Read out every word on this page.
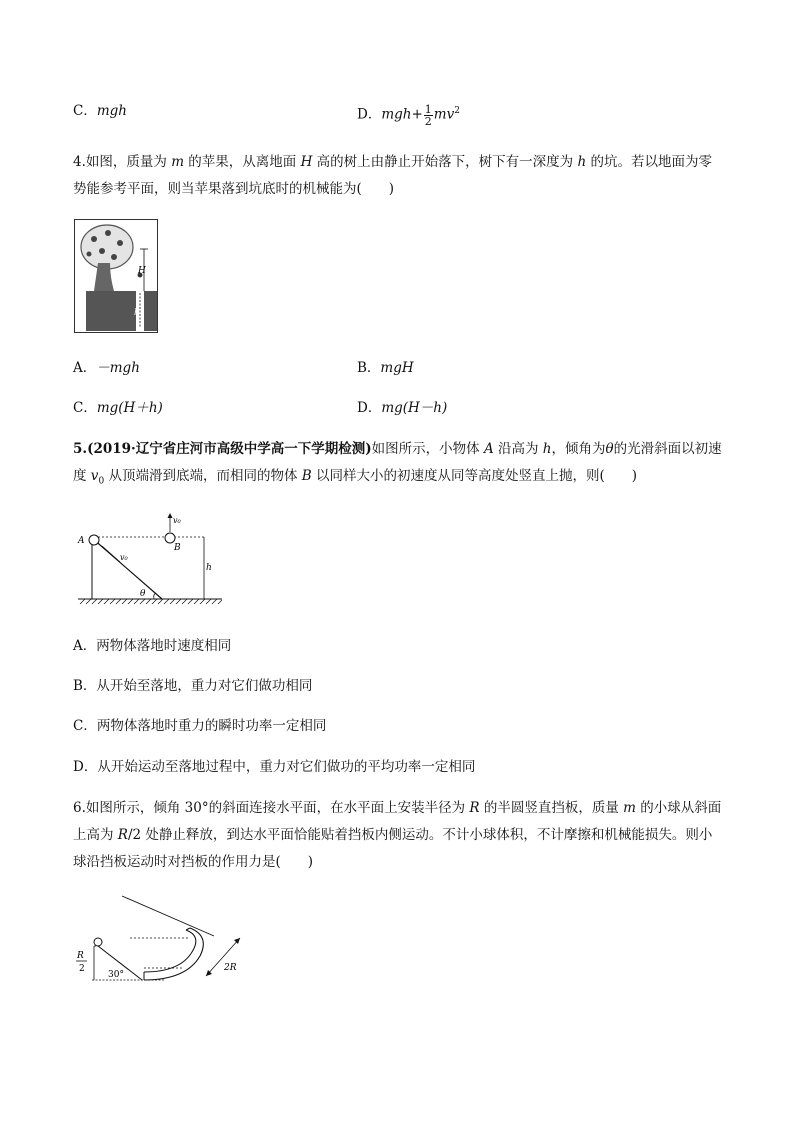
C．mgh	D．$mgh+ \frac{1}{2} mv^2$
4.如图，质量为 m 的苹果，从离地面 H 高的树上由静止开始落下，树下有一深度为 h 的坑。若以地面为零
势能参考平面，则当苹果落到坑底时的机械能为(　　)
H
h
A．－mgh	B．mgH
C．mg(H＋h)	D．mg(H－h)
5.(2019·辽宁省庄河市高级中学高一下学期检测)如图所示，小物体 A 沿高为 h，倾角为θ的光滑斜面以初速
度 $v_0$ 从顶端滑到底端，而相同的物体 B 以同样大小的初速度从同等高度处竖直上抛，则(　　)
A
v₀
B
v₀
h
θ
A．两物体落地时速度相同
B．从开始至落地，重力对它们做功相同
C．两物体落地时重力的瞬时功率一定相同
D．从开始运动至落地过程中，重力对它们做功的平均功率一定相同
6.如图所示，倾角 30°的斜面连接水平面，在水平面上安装半径为 R 的半圆竖直挡板，质量 m 的小球从斜面
上高为 R/2 处静止释放，到达水平面恰能贴着挡板内侧运动。不计小球体积，不计摩擦和机械能损失。则小
球沿挡板运动时对挡板的作用力是(　　)
R
2
30°
2R
